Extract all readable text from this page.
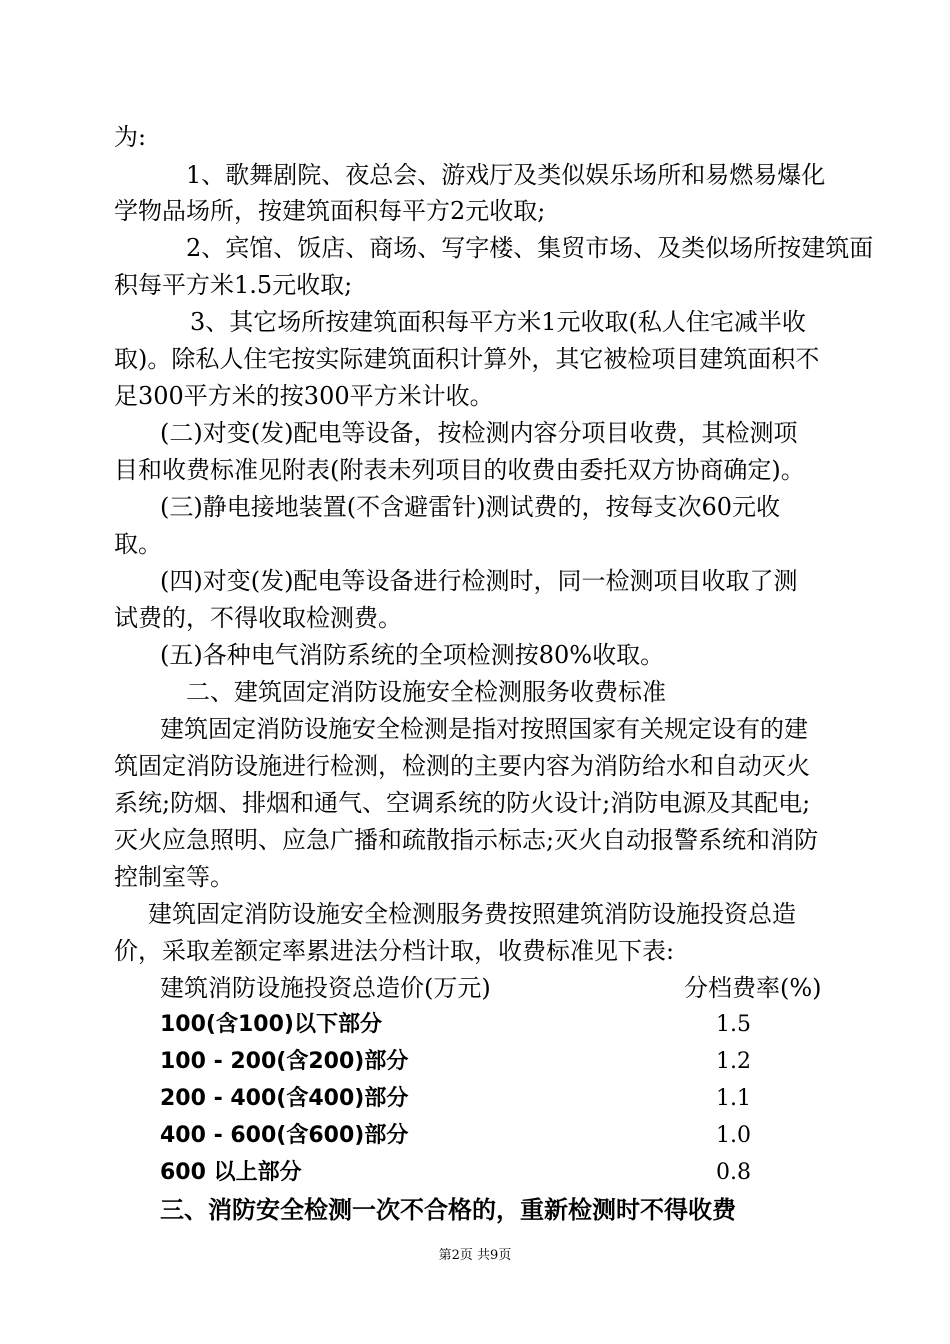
为:
1、歌舞剧院、夜总会、游戏厅及类似娱乐场所和易燃易爆化
学物品场所，按建筑面积每平方2元收取;
2、宾馆、饭店、商场、写字楼、集贸市场、及类似场所按建筑面
积每平方米1.5元收取;
3、其它场所按建筑面积每平方米1元收取(私人住宅减半收
取)。除私人住宅按实际建筑面积计算外，其它被检项目建筑面积不
足300平方米的按300平方米计收。
(二)对变(发)配电等设备，按检测内容分项目收费，其检测项
目和收费标准见附表(附表未列项目的收费由委托双方协商确定)。
(三)静电接地装置(不含避雷针)测试费的，按每支次60元收
取。
(四)对变(发)配电等设备进行检测时，同一检测项目收取了测
试费的，不得收取检测费。
(五)各种电气消防系统的全项检测按80%收取。
二、建筑固定消防设施安全检测服务收费标准
建筑固定消防设施安全检测是指对按照国家有关规定设有的建
筑固定消防设施进行检测，检测的主要内容为消防给水和自动灭火
系统;防烟、排烟和通气、空调系统的防火设计;消防电源及其配电;
灭火应急照明、应急广播和疏散指示标志;灭火自动报警系统和消防
控制室等。
建筑固定消防设施安全检测服务费按照建筑消防设施投资总造
价，采取差额定率累进法分档计取，收费标准见下表:
建筑消防设施投资总造价(万元)	分档费率(%)
100(含100)以下部分	1.5
100 - 200(含200)部分	1.2
200 - 400(含400)部分	1.1
400 - 600(含600)部分	1.0
600 以上部分	0.8
三、消防安全检测一次不合格的，重新检测时不得收费
第2页 共9页
